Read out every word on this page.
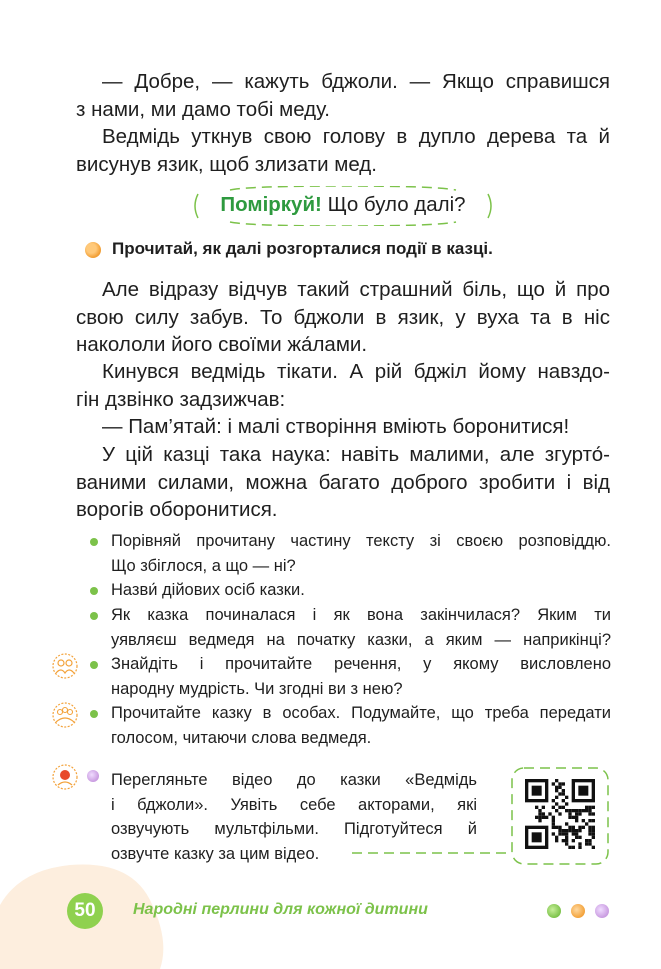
— Добре, — кажуть бджоли. — Якщо справишся
з нами, ми дамо тобі меду.
Ведмідь уткнув свою голову в дупло дерева та й
висунув язик, щоб злизати мед.
Поміркуй! Що було далі?
Прочитай, як далі розгорталися події в казці.
Але відразу відчув такий страшний біль, що й про
свою силу забув. То бджоли в язик, у вуха та в ніс
накололи його своїми жа́лами.
Кинувся ведмідь тікати. А рій бджіл йому навздо-
гін дзвінко задзижчав:
— Пам’ятай: і малі створіння вміють боронитися!
У цій казці така наука: навіть малими, але згурто́-
ваними силами, можна багато доброго зробити і від
ворогів оборонитися.
Порівняй прочитану частину тексту зі своєю розповіддю.
Що збіглося, а що — ні?
Назви́ дійових осіб казки.
Як казка починалася і як вона закінчилася? Яким ти
уявляєш ведмедя на початку казки, а яким — наприкінці?
Знайдіть і прочитайте речення, у якому висловлено
народну мудрість. Чи згодні ви з нею?
Прочитайте казку в особах. Подумайте, що треба передати
голосом, читаючи слова ведмедя.
Перегляньте відео до казки «Ведмідь
і бджоли». Уявіть себе акторами, які
озвучують мультфільми. Підготуйтеся й
озвучте казку за цим відео.
50	Народні перлини для кожної дитини
